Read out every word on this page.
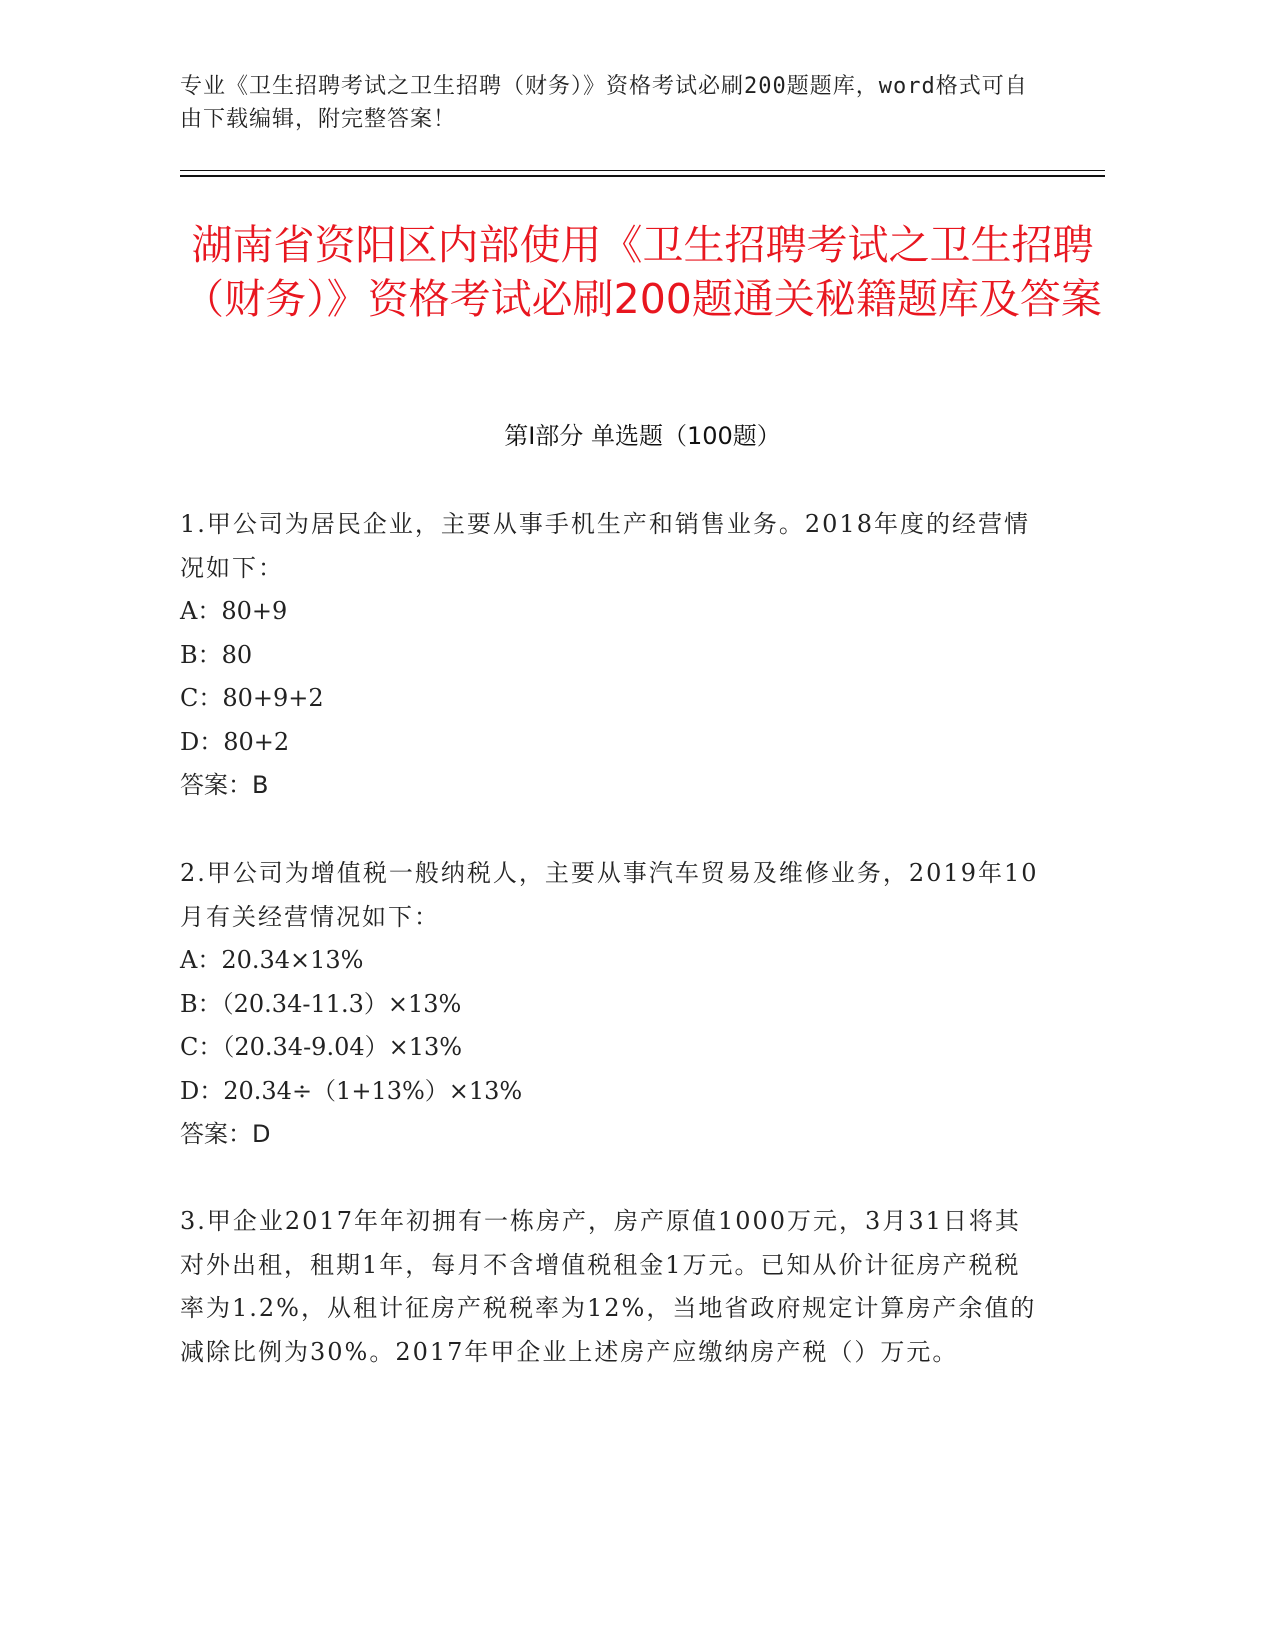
专业《卫生招聘考试之卫生招聘（财务）》资格考试必刷200题题库，word格式可自由下载编辑，附完整答案！
湖南省资阳区内部使用《卫生招聘考试之卫生招聘（财务）》资格考试必刷200题通关秘籍题库及答案
第Ⅰ部分 单选题（100题）
1.甲公司为居民企业，主要从事手机生产和销售业务。2018年度的经营情况如下：
A：80+9
B：80
C：80+9+2
D：80+2
答案：B
2.甲公司为增值税一般纳税人，主要从事汽车贸易及维修业务，2019年10月有关经营情况如下：
A：20.34×13%
B：（20.34-11.3）×13%
C：（20.34-9.04）×13%
D：20.34÷（1+13%）×13%
答案：D
3.甲企业2017年年初拥有一栋房产，房产原值1000万元，3月31日将其对外出租，租期1年，每月不含增值税租金1万元。已知从价计征房产税税率为1.2%，从租计征房产税税率为12%，当地省政府规定计算房产余值的减除比例为30%。2017年甲企业上述房产应缴纳房产税（）万元。
